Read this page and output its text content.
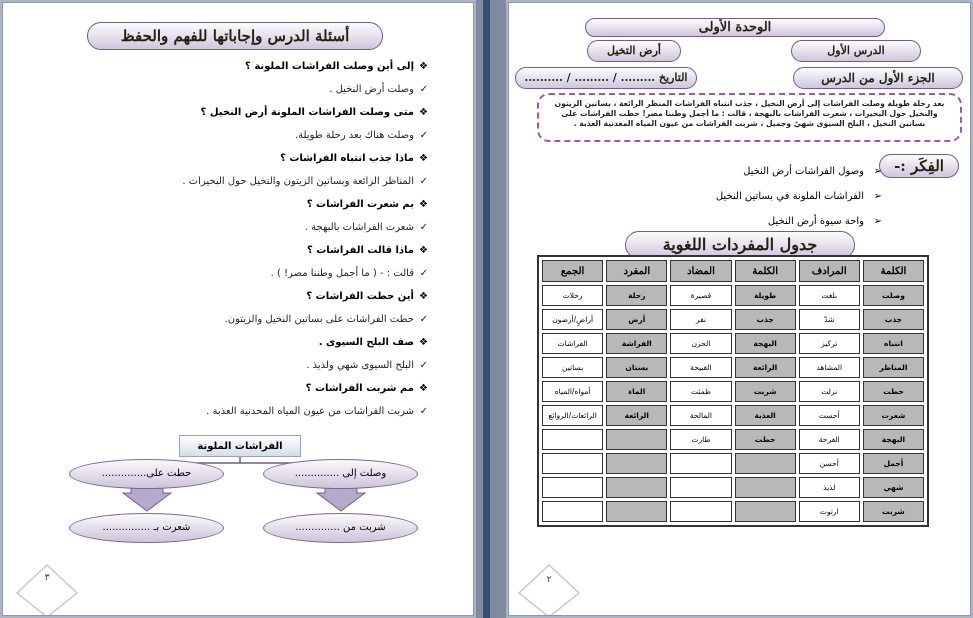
أسئلة الدرس وإجاباتها للفهم والحفظ
❖إلى أين وصلت الفراشات الملونة ؟
✓وصلت أرض النخيل .
❖متى وصلت الفراشات الملونة أرض النخيل ؟
✓وصلت هناك بعد رحلة طويلة.
❖ماذا جذب انتباه الفراشات ؟
✓المناظر الرائعة وبساتين الزيتون والنخيل حول البحيرات .
❖بم شعرت الفراشات ؟
✓شعرت الفراشات بالبهجة .
❖ماذا قالت الفراشات ؟
✓قالت : - ( ما أجمل وطننا مصر! ) .
❖أين حطت الفراشات ؟
✓حطت الفراشات على بساتين النخيل والزيتون.
❖صف البلح السيوى .
✓البلح السيوى شهي ولذيذ .
❖مم شربت الفراشات ؟
✓شربت الفراشات من عيون المياه المحدنية العذبة .
الفراشات الملونة
وصلت إلى ..............
حطت على..............
شربت من ..............
شعرت بـ ...............
٣
الوحدة الأولى
الدرس الأول
أرض التخيل
الجزء الأول من الدرس
التاريخ ......... / ......... / ..........
بعد رحلة طويلة وصلت الفراشات إلى أرض النخيل ، جذب انتباه الفراشات المنظر الرائعة ، بساتين الزيتون والنخيل حول البحيرات ، شعرت الفراشات بالبهجة ، قالت : ما أجمل وطننا مصر! حطت الفراشات على بساتين النخيل ، البلح السيوى شهيٌ وجميل ، شربت الفراشات من عيون المياه المعدنية العذبة .
الفِكَر :-
➢وصول الفراشات أرض النخيل
➢الفراشات الملونة في بساتين النخيل
➢واحة سيوة أرض النخيل
جدول المفردات اللغوية
الكلمة	المرادف	الكلمة	المضاد	المفرد	الجمع
وصلت	بلغت	طويلة	قصيرة	رحلة	رحلات
جذب	شدّ	جذب	نفر	أرض	أراضٍ/أرضون
انتباه	تركيز	البهجة	الحزن	الفراشة	الفراشات
المناظر	المشاهد	الرائعة	القبيحة	بستان	بساتين
حطت	نزلت	شربت	ظمئت	الماء	أمواه/المياه
شعرت	أحست	العذبة	المالحة	الرائعة	الرائعات/الروائع
البهجة	الفرحة	حطت	طارت		
أجمل	أحسن				
شهي	لذيذ				
شربت	ارتوت				
٢
